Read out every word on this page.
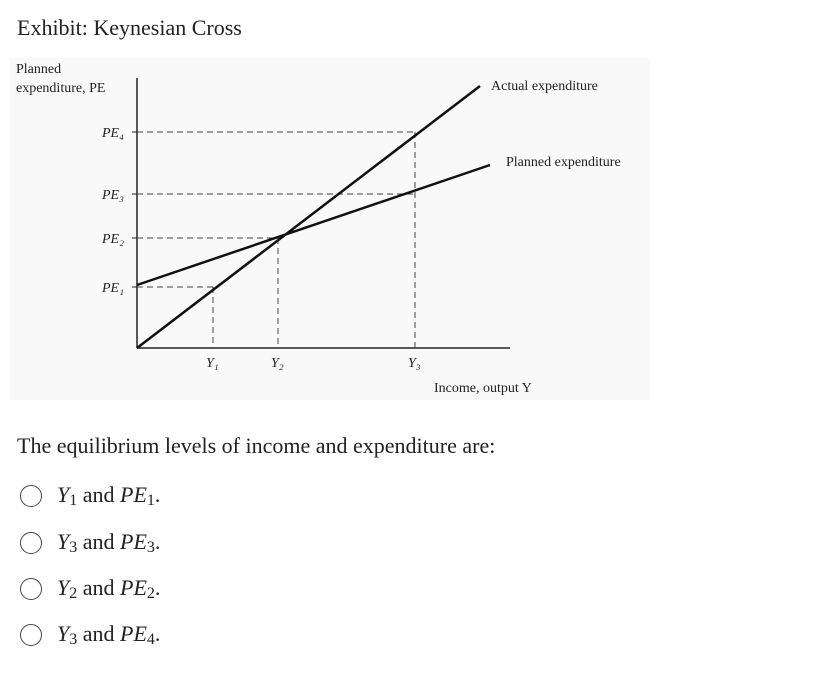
Exhibit: Keynesian Cross
Planned
expenditure, PE
Income, output Y
Actual expenditure
Planned expenditure
PE₄
PE₃
PE₂
PE₁
Y₁	Y₂	Y₃
The equilibrium levels of income and expenditure are:
$Y_1$ and $PE_1$.
$Y_3$ and $PE_3$.
$Y_2$ and $PE_2$.
$Y_3$ and $PE_4$.
